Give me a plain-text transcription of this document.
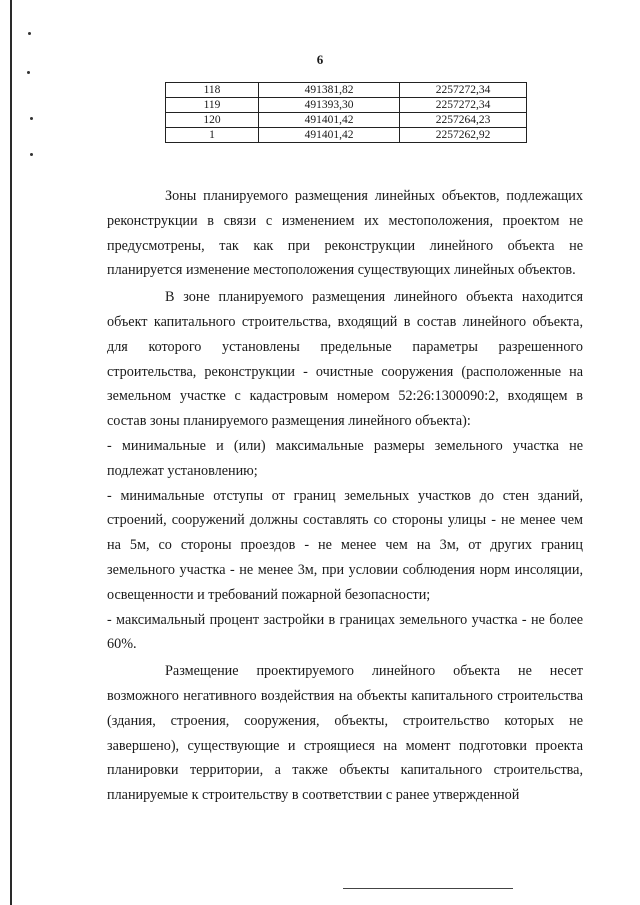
6
118	491381,82	2257272,34
119	491393,30	2257272,34
120	491401,42	2257264,23
1	491401,42	2257262,92

Зоны планируемого размещения линейных объектов, подлежащих реконструкции в связи с изменением их местоположения, проектом не предусмотрены, так как при реконструкции линейного объекта не планируется изменение местоположения существующих линейных объектов.

В зоне планируемого размещения линейного объекта находится объект капитального строительства, входящий в состав линейного объекта, для которого установлены предельные параметры разрешенного строительства, реконструкции - очистные сооружения (расположенные на земельном участке с кадастровым номером 52:26:1300090:2, входящем в состав зоны планируемого размещения линейного объекта):

- минимальные и (или) максимальные размеры земельного участка не подлежат установлению;

- минимальные отступы от границ земельных участков до стен зданий, строений, сооружений должны составлять со стороны улицы - не менее чем на 5м, со стороны проездов - не менее чем на 3м, от других границ земельного участка - не менее 3м, при условии соблюдения норм инсоляции, освещенности и требований пожарной безопасности;

- максимальный процент застройки в границах земельного участка - не более 60%.

Размещение проектируемого линейного объекта не несет возможного негативного воздействия на объекты капитального строительства (здания, строения, сооружения, объекты, строительство которых не завершено), существующие и строящиеся на момент подготовки проекта планировки территории, а также объекты капитального строительства, планируемые к строительству в соответствии с ранее утвержденной
